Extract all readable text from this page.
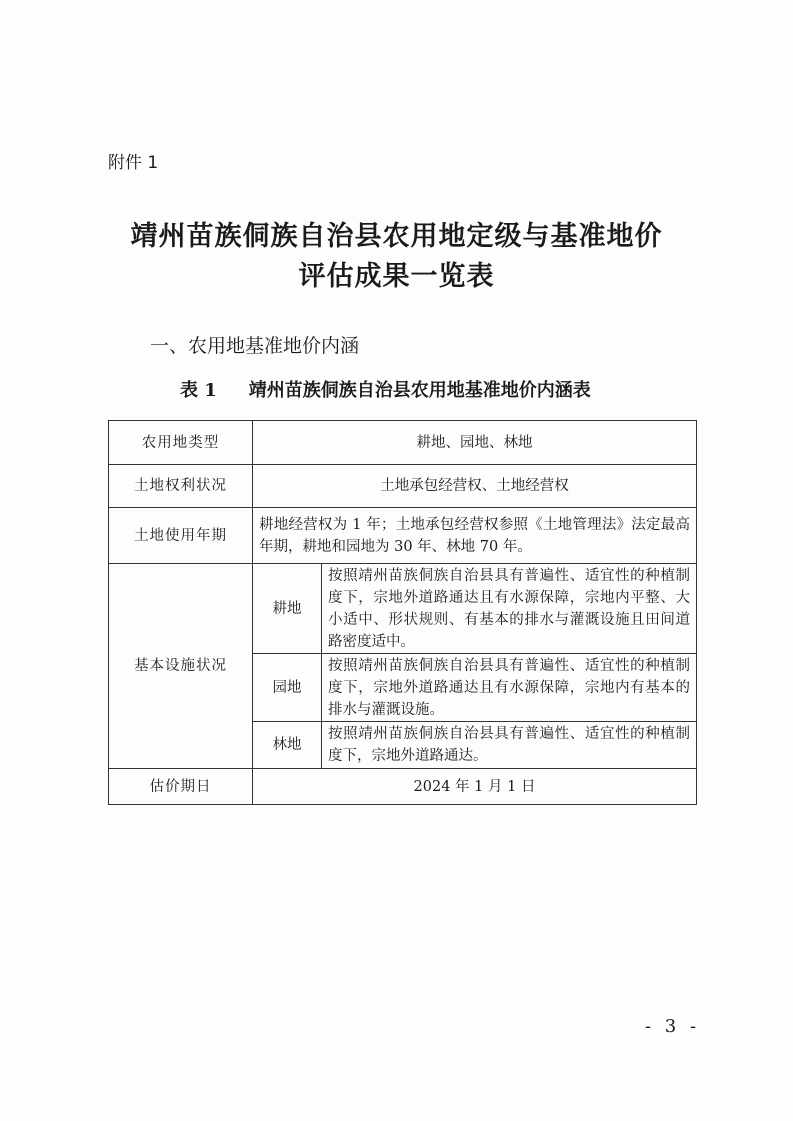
附件 1
靖州苗族侗族自治县农用地定级与基准地价
评估成果一览表
一、农用地基准地价内涵
表 1 靖州苗族侗族自治县农用地基准地价内涵表
农用地类型	耕地、园地、林地	
土地权利状况	土地承包经营权、土地经营权	
土地使用年期	耕地经营权为 1 年；土地承包经营权参照《土地管理法》法定最高年期，耕地和园地为 30 年、林地 70 年。	
基本设施状况	耕地	按照靖州苗族侗族自治县具有普遍性、适宜性的种植制度下，宗地外道路通达且有水源保障，宗地内平整、大小适中、形状规则、有基本的排水与灌溉设施且田间道路密度适中。
	园地	按照靖州苗族侗族自治县具有普遍性、适宜性的种植制度下，宗地外道路通达且有水源保障，宗地内有基本的排水与灌溉设施。
	林地	按照靖州苗族侗族自治县具有普遍性、适宜性的种植制度下，宗地外道路通达。
估价期日	2024 年 1 月 1 日	
- 3 -
